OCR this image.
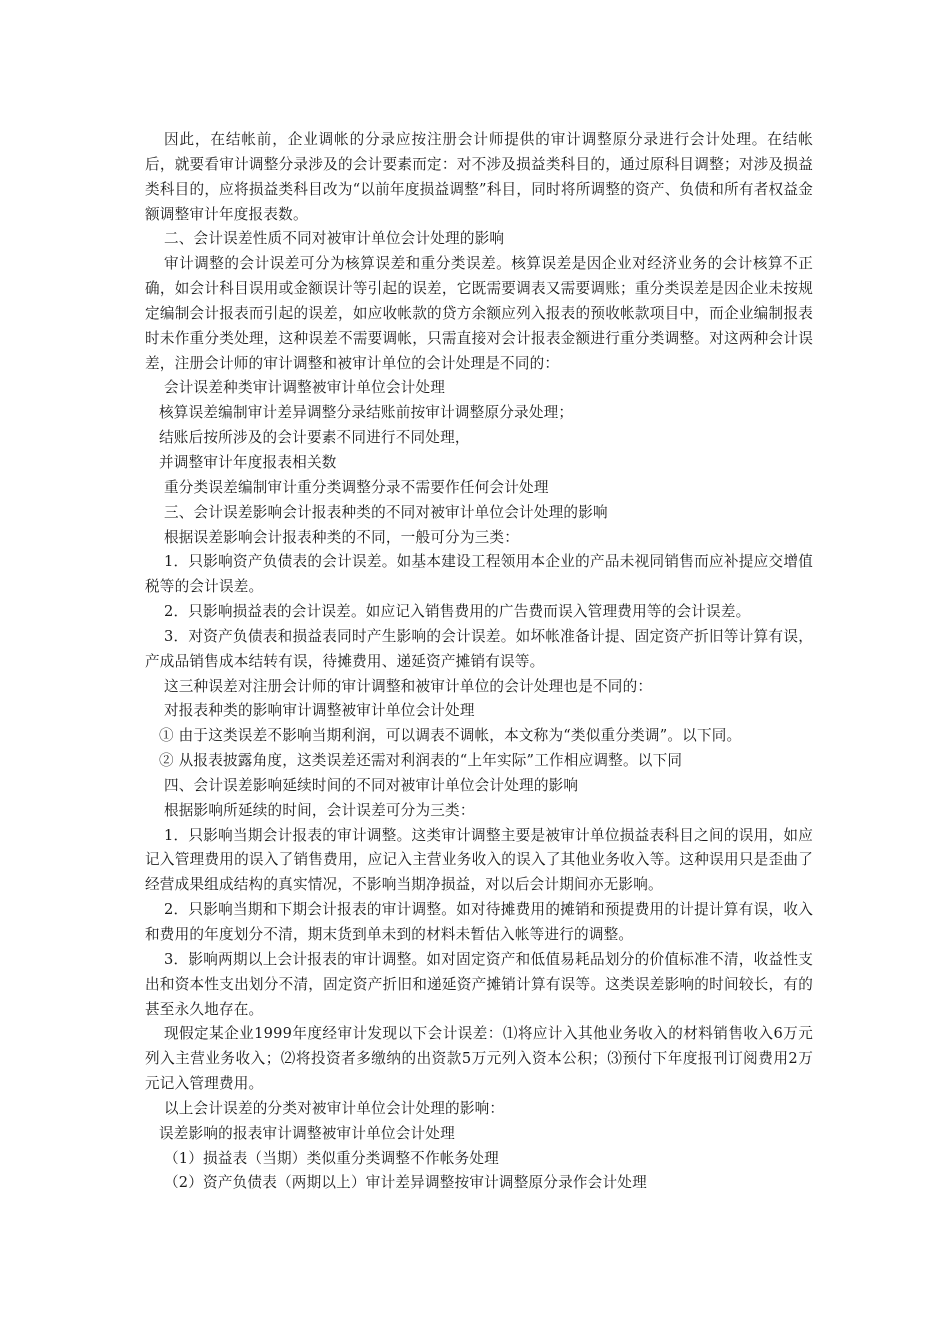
因此，在结帐前，企业调帐的分录应按注册会计师提供的审计调整原分录进行会计处理。在结帐后，就要看审计调整分录涉及的会计要素而定：对不涉及损益类科目的，通过原科目调整；对涉及损益类科目的，应将损益类科目改为“以前年度损益调整”科目，同时将所调整的资产、负债和所有者权益金额调整审计年度报表数。

二、会计误差性质不同对被审计单位会计处理的影响

审计调整的会计误差可分为核算误差和重分类误差。核算误差是因企业对经济业务的会计核算不正确，如会计科目误用或金额误计等引起的误差，它既需要调表又需要调账；重分类误差是因企业未按规定编制会计报表而引起的误差，如应收帐款的贷方余额应列入报表的预收帐款项目中，而企业编制报表时未作重分类处理，这种误差不需要调帐，只需直接对会计报表金额进行重分类调整。对这两种会计误差，注册会计师的审计调整和被审计单位的会计处理是不同的：

会计误差种类审计调整被审计单位会计处理

核算误差编制审计差异调整分录结账前按审计调整原分录处理；

结账后按所涉及的会计要素不同进行不同处理，

并调整审计年度报表相关数

重分类误差编制审计重分类调整分录不需要作任何会计处理

三、会计误差影响会计报表种类的不同对被审计单位会计处理的影响

根据误差影响会计报表种类的不同，一般可分为三类：

1．只影响资产负债表的会计误差。如基本建设工程领用本企业的产品未视同销售而应补提应交增值税等的会计误差。

2．只影响损益表的会计误差。如应记入销售费用的广告费而误入管理费用等的会计误差。

3．对资产负债表和损益表同时产生影响的会计误差。如坏帐准备计提、固定资产折旧等计算有误，产成品销售成本结转有误，待摊费用、递延资产摊销有误等。

这三种误差对注册会计师的审计调整和被审计单位的会计处理也是不同的：

对报表种类的影响审计调整被审计单位会计处理

① 由于这类误差不影响当期利润，可以调表不调帐，本文称为“类似重分类调”。以下同。

② 从报表披露角度，这类误差还需对利润表的“上年实际”工作相应调整。以下同

四、会计误差影响延续时间的不同对被审计单位会计处理的影响

根据影响所延续的时间，会计误差可分为三类：

1．只影响当期会计报表的审计调整。这类审计调整主要是被审计单位损益表科目之间的误用，如应记入管理费用的误入了销售费用，应记入主营业务收入的误入了其他业务收入等。这种误用只是歪曲了经营成果组成结构的真实情况，不影响当期净损益，对以后会计期间亦无影响。

2．只影响当期和下期会计报表的审计调整。如对待摊费用的摊销和预提费用的计提计算有误，收入和费用的年度划分不清，期末货到单未到的材料未暂估入帐等进行的调整。

3．影响两期以上会计报表的审计调整。如对固定资产和低值易耗品划分的价值标准不清，收益性支出和资本性支出划分不清，固定资产折旧和递延资产摊销计算有误等。这类误差影响的时间较长，有的甚至永久地存在。

现假定某企业1999年度经审计发现以下会计误差：⑴将应计入其他业务收入的材料销售收入6万元列入主营业务收入；⑵将投资者多缴纳的出资款5万元列入资本公积；⑶预付下年度报刊订阅费用2万元记入管理费用。

以上会计误差的分类对被审计单位会计处理的影响：

误差影响的报表审计调整被审计单位会计处理

（1）损益表（当期）类似重分类调整不作帐务处理

（2）资产负债表（两期以上）审计差异调整按审计调整原分录作会计处理
